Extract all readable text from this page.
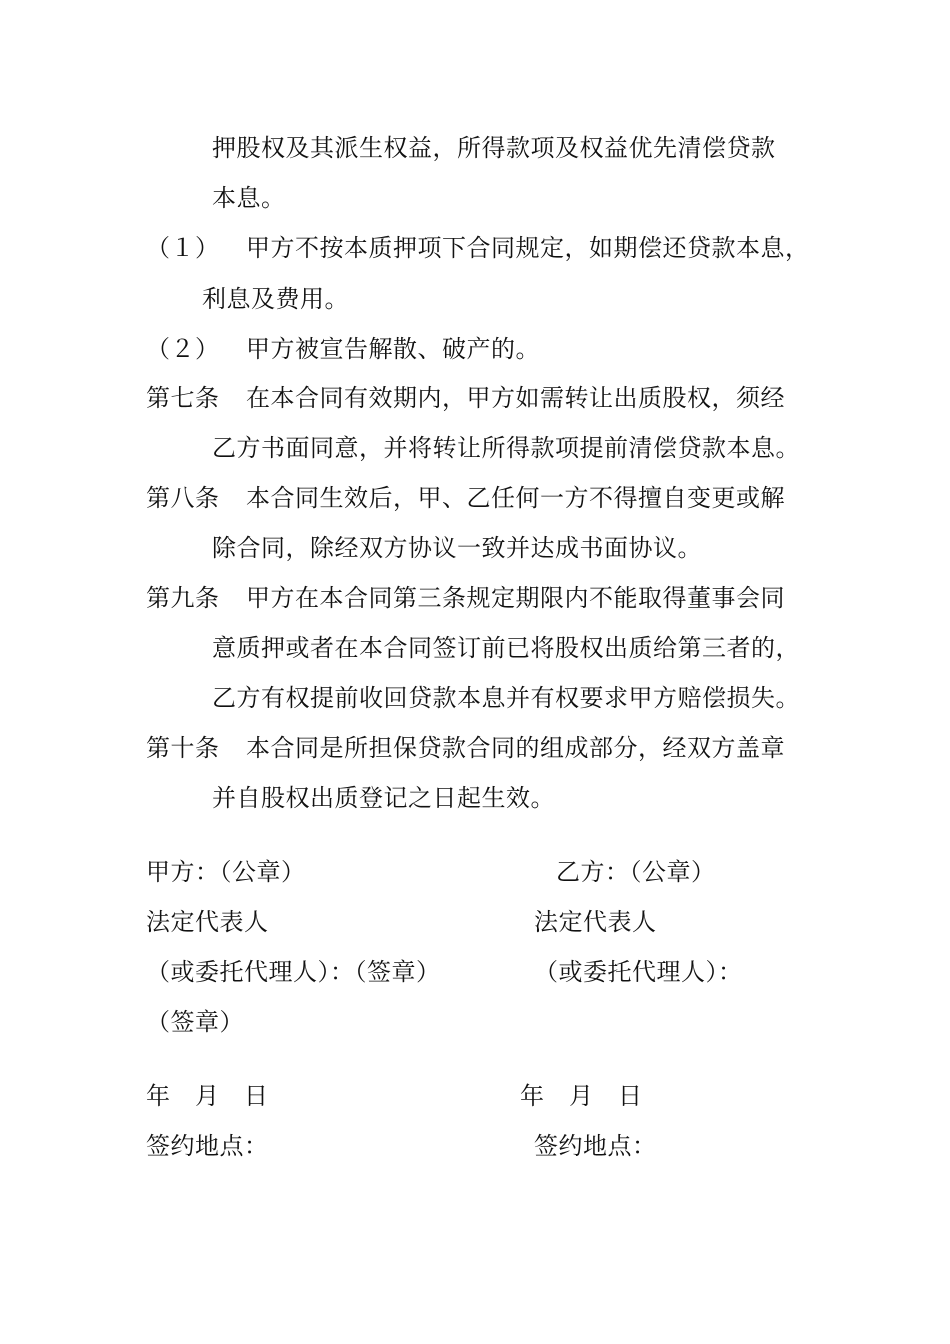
押股权及其派生权益，所得款项及权益优先清偿贷款
本息。
（１） 甲方不按本质押项下合同规定，如期偿还贷款本息，
利息及费用。
（２） 甲方被宣告解散、破产的。
第七条 在本合同有效期内，甲方如需转让出质股权，须经
乙方书面同意，并将转让所得款项提前清偿贷款本息。
第八条 本合同生效后，甲、乙任何一方不得擅自变更或解
除合同，除经双方协议一致并达成书面协议。
第九条 甲方在本合同第三条规定期限内不能取得董事会同
意质押或者在本合同签订前已将股权出质给第三者的，
乙方有权提前收回贷款本息并有权要求甲方赔偿损失。
第十条 本合同是所担保贷款合同的组成部分，经双方盖章
并自股权出质登记之日起生效。
甲方：（公章）
法定代表人
（或委托代理人）：（签章）
年　月　日
签约地点：
乙方：（公章）
法定代表人
（或委托代理人）：
（签章）
年　月　日
签约地点：
